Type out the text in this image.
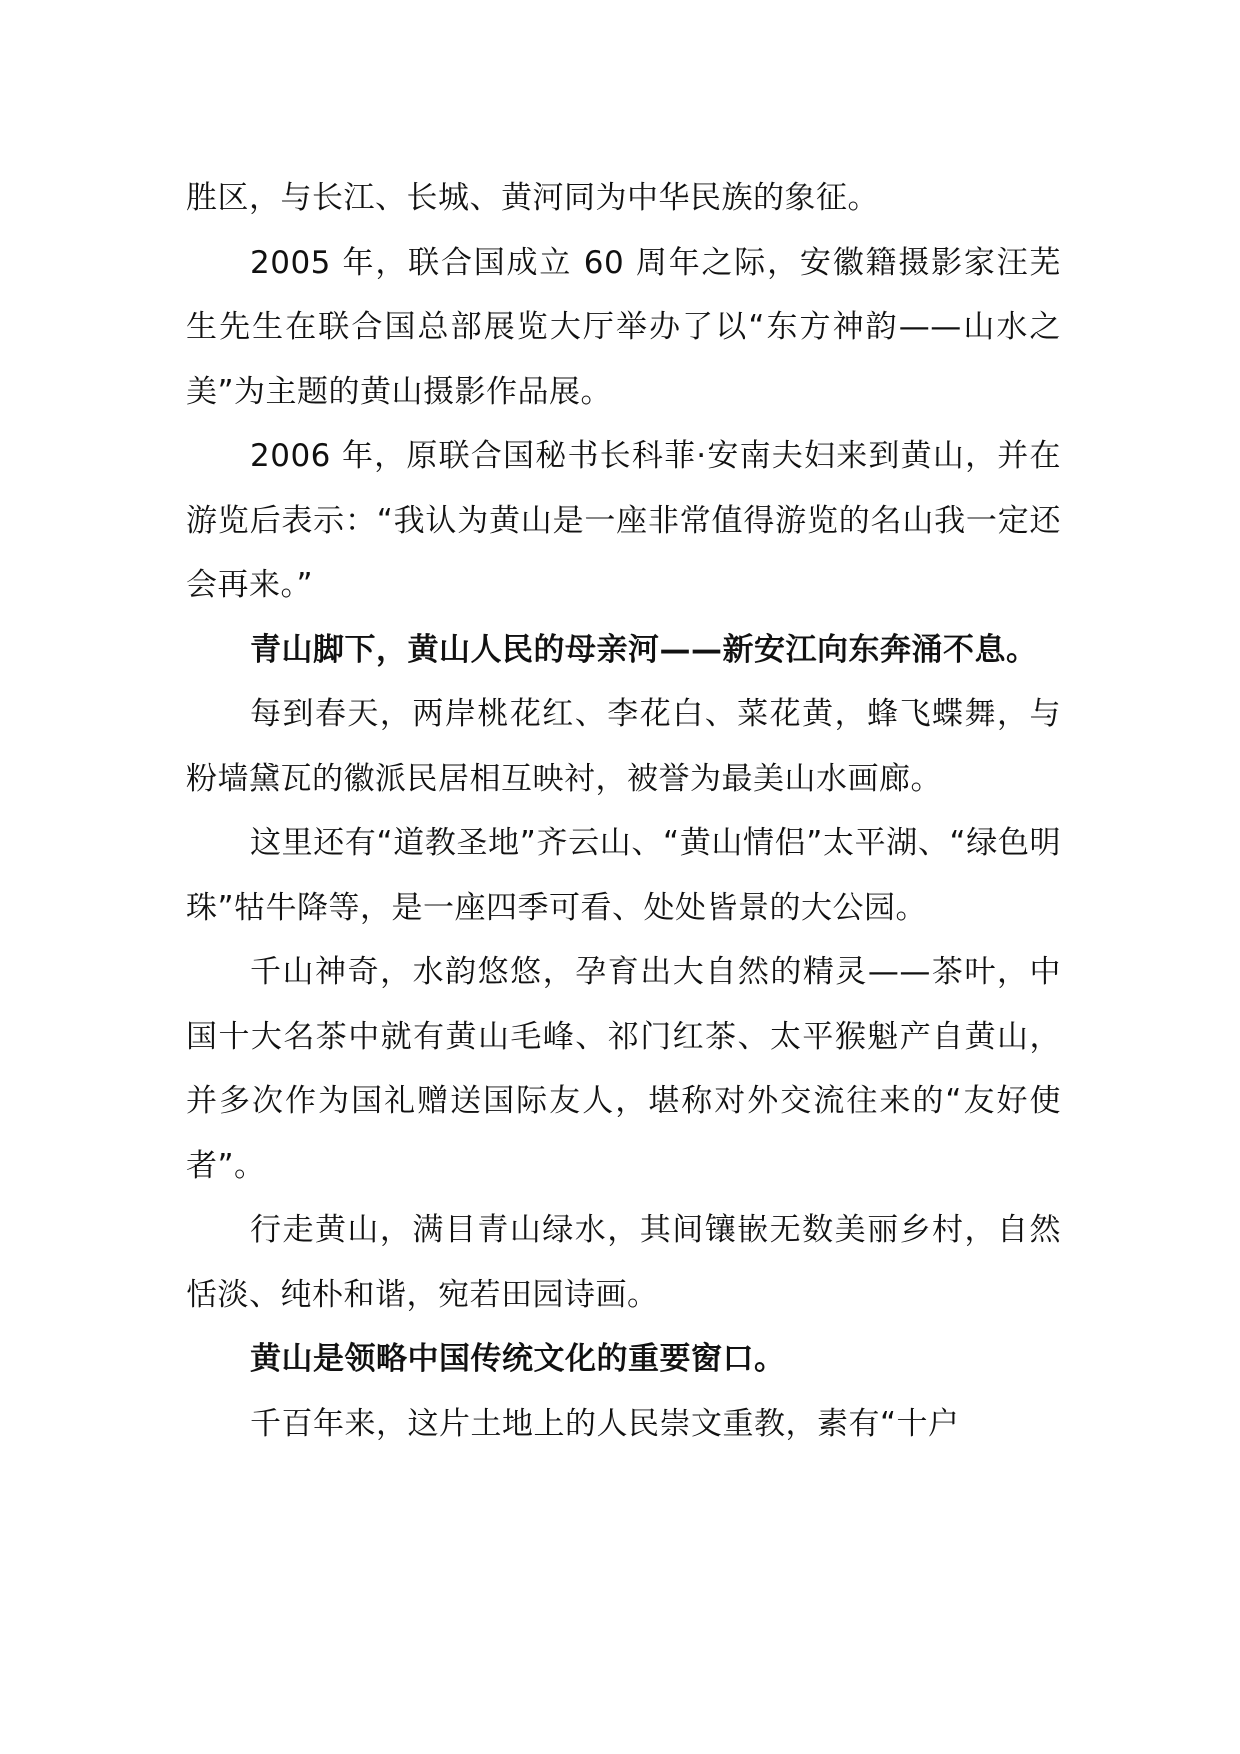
胜区，与长江、长城、黄河同为中华民族的象征。

2005 年，联合国成立 60 周年之际，安徽籍摄影家汪芜生先生在联合国总部展览大厅举办了以“东方神韵——山水之美”为主题的黄山摄影作品展。

2006 年，原联合国秘书长科菲·安南夫妇来到黄山，并在游览后表示：“我认为黄山是一座非常值得游览的名山我一定还会再来。”

青山脚下，黄山人民的母亲河——新安江向东奔涌不息。

每到春天，两岸桃花红、李花白、菜花黄，蜂飞蝶舞，与粉墙黛瓦的徽派民居相互映衬，被誉为最美山水画廊。

这里还有“道教圣地”齐云山、“黄山情侣”太平湖、“绿色明珠”牯牛降等，是一座四季可看、处处皆景的大公园。

千山神奇，水韵悠悠，孕育出大自然的精灵——茶叶，中国十大名茶中就有黄山毛峰、祁门红茶、太平猴魁产自黄山，并多次作为国礼赠送国际友人，堪称对外交流往来的“友好使者”。

行走黄山，满目青山绿水，其间镶嵌无数美丽乡村，自然恬淡、纯朴和谐，宛若田园诗画。

黄山是领略中国传统文化的重要窗口。

千百年来，这片土地上的人民崇文重教，素有“十户
